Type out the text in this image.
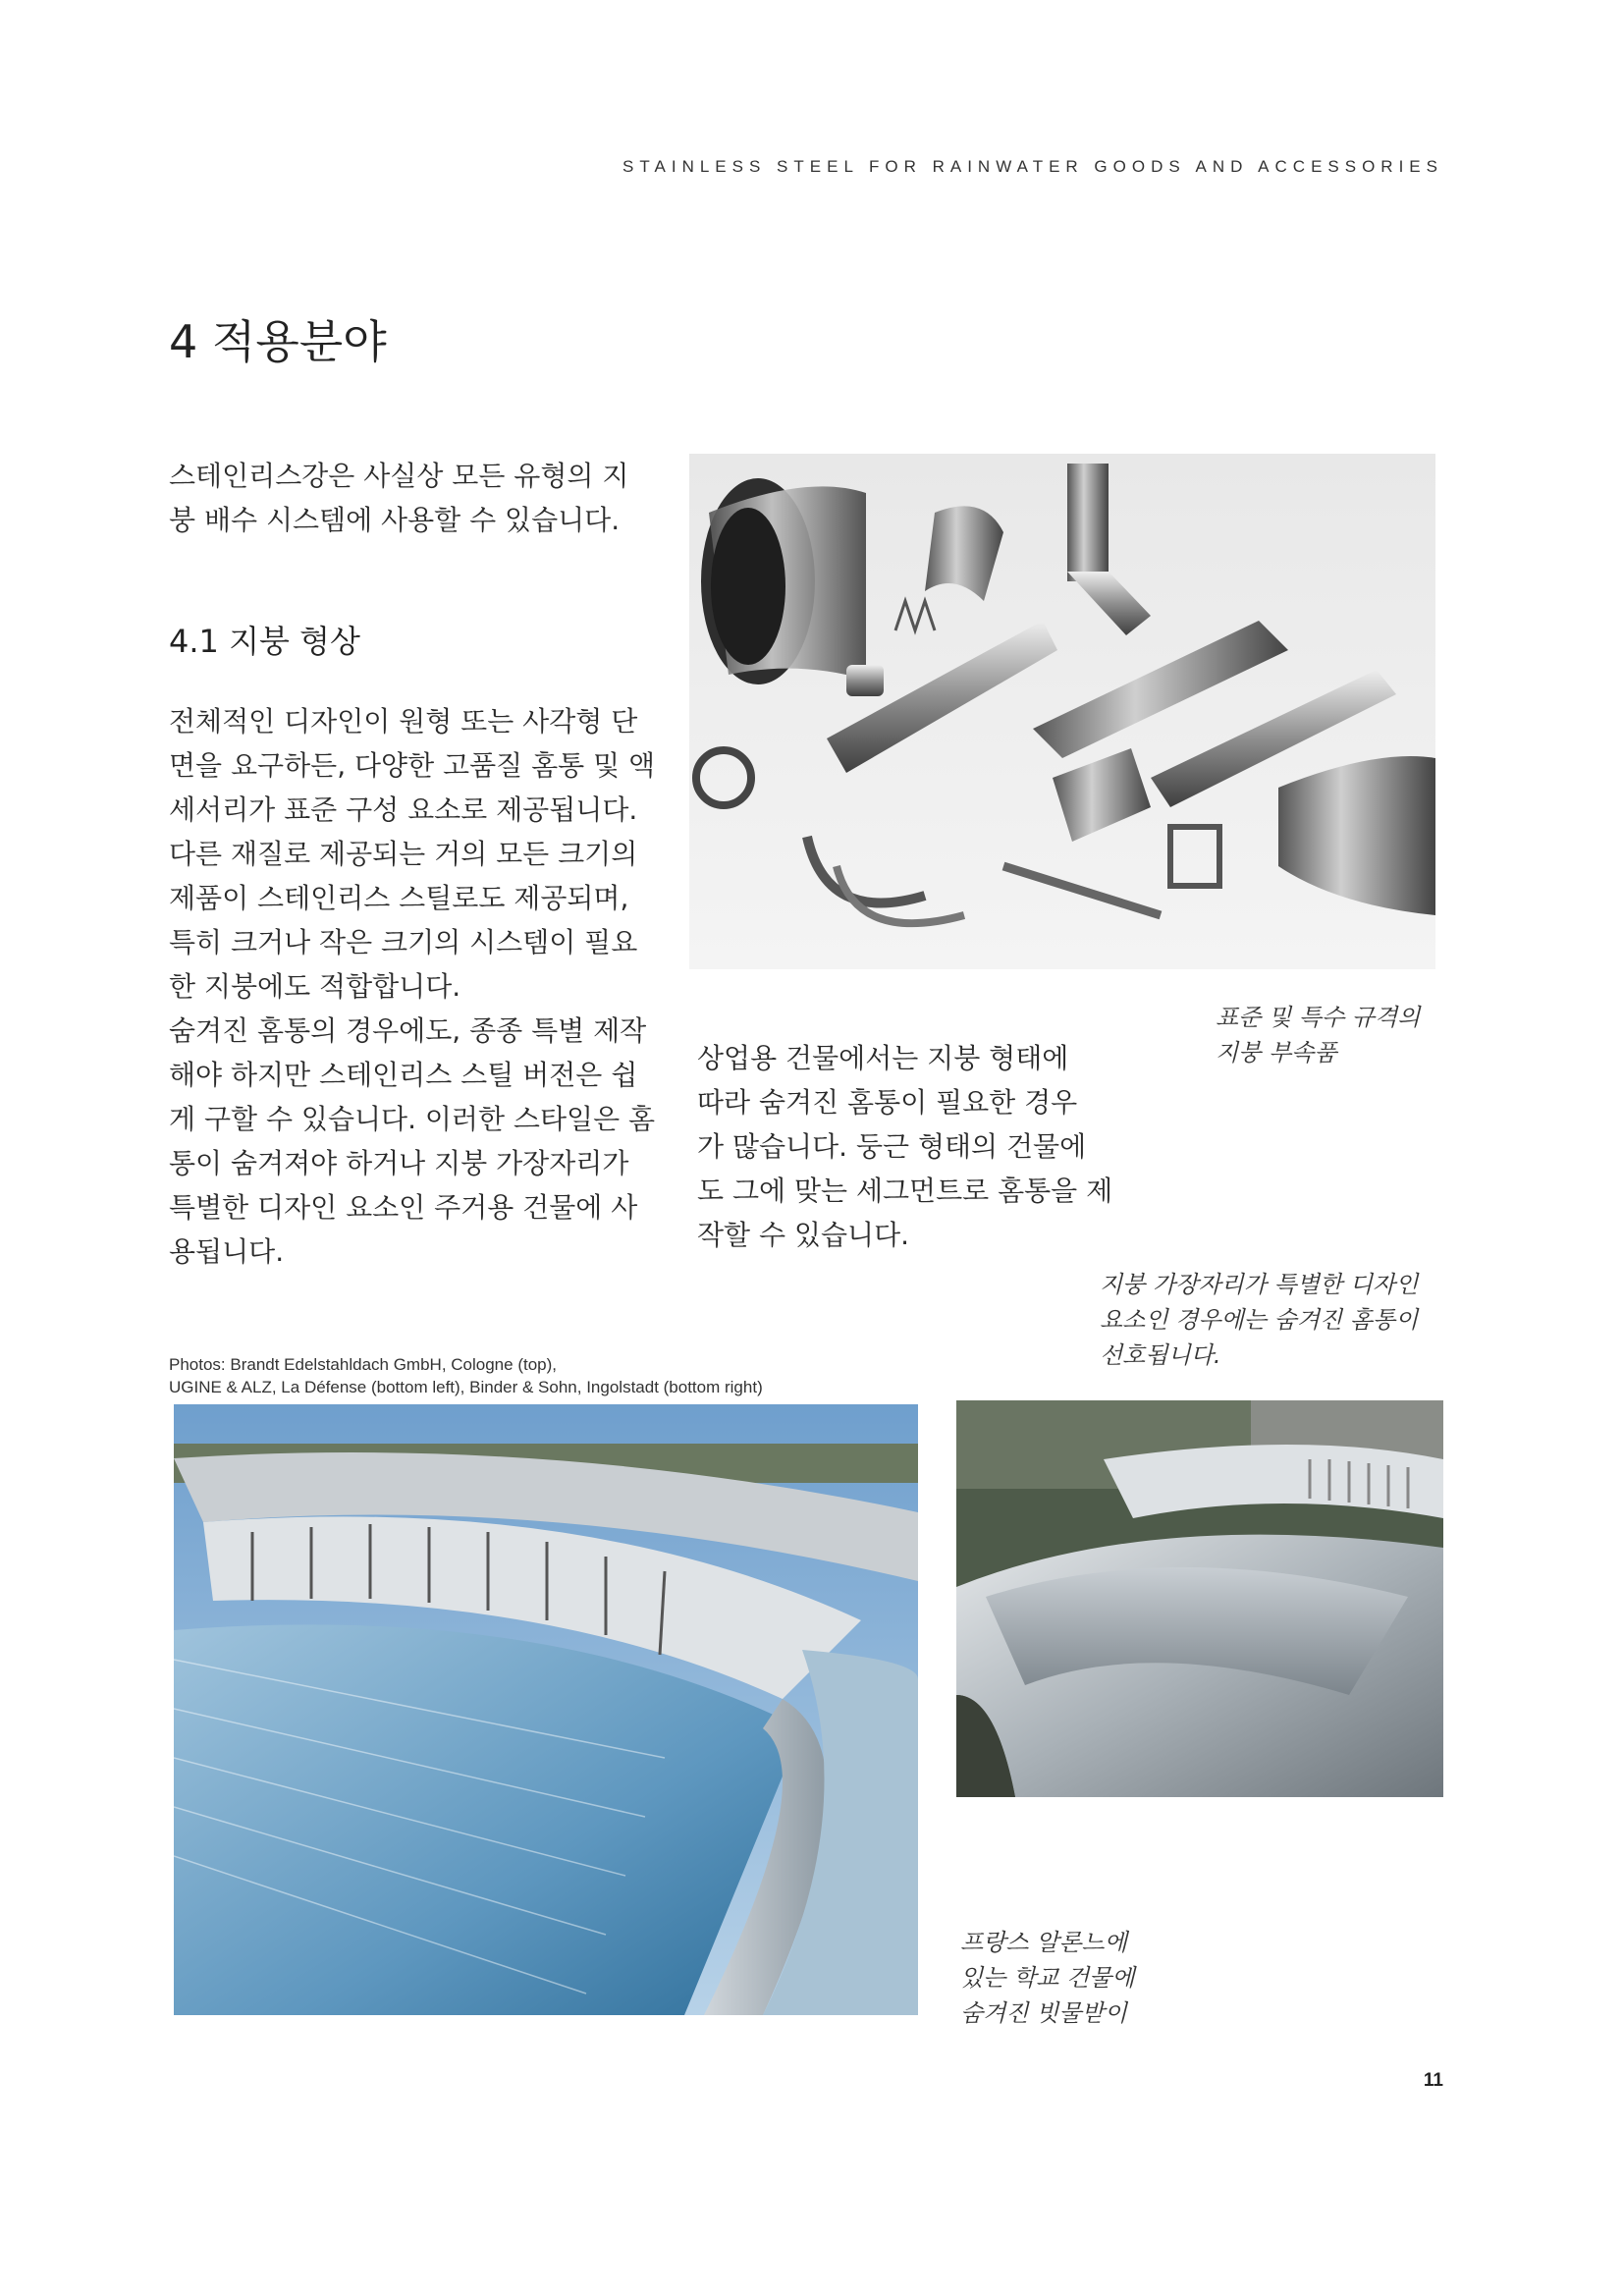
STAINLESS STEEL FOR RAINWATER GOODS AND ACCESSORIES
4 적용분야

스테인리스강은 사실상 모든 유형의 지
붕 배수 시스템에 사용할 수 있습니다.

4.1 지붕 형상

전체적인 디자인이 원형 또는 사각형 단
면을 요구하든, 다양한 고품질 홈통 및 액
세서리가 표준 구성 요소로 제공됩니다.
다른 재질로 제공되는 거의 모든 크기의
제품이 스테인리스 스틸로도 제공되며,
특히 크거나 작은 크기의 시스템이 필요
한 지붕에도 적합합니다.
숨겨진 홈통의 경우에도, 종종 특별 제작
해야 하지만 스테인리스 스틸 버전은 쉽
게 구할 수 있습니다. 이러한 스타일은 홈
통이 숨겨져야 하거나 지붕 가장자리가
특별한 디자인 요소인 주거용 건물에 사
용됩니다.

상업용 건물에서는 지붕 형태에
따라 숨겨진 홈통이 필요한 경우
가 많습니다. 둥근 형태의 건물에
도 그에 맞는 세그먼트로 홈통을 제
작할 수 있습니다.

표준 및 특수 규격의
지붕 부속품
지붕 가장자리가 특별한 디자인
요소인 경우에는 숨겨진 홈통이
선호됩니다.
Photos: Brandt Edelstahldach GmbH, Cologne (top),
UGINE & ALZ, La Défense (bottom left), Binder & Sohn, Ingolstadt (bottom right)
프랑스 알론느에
있는 학교 건물에
숨겨진 빗물받이
11
